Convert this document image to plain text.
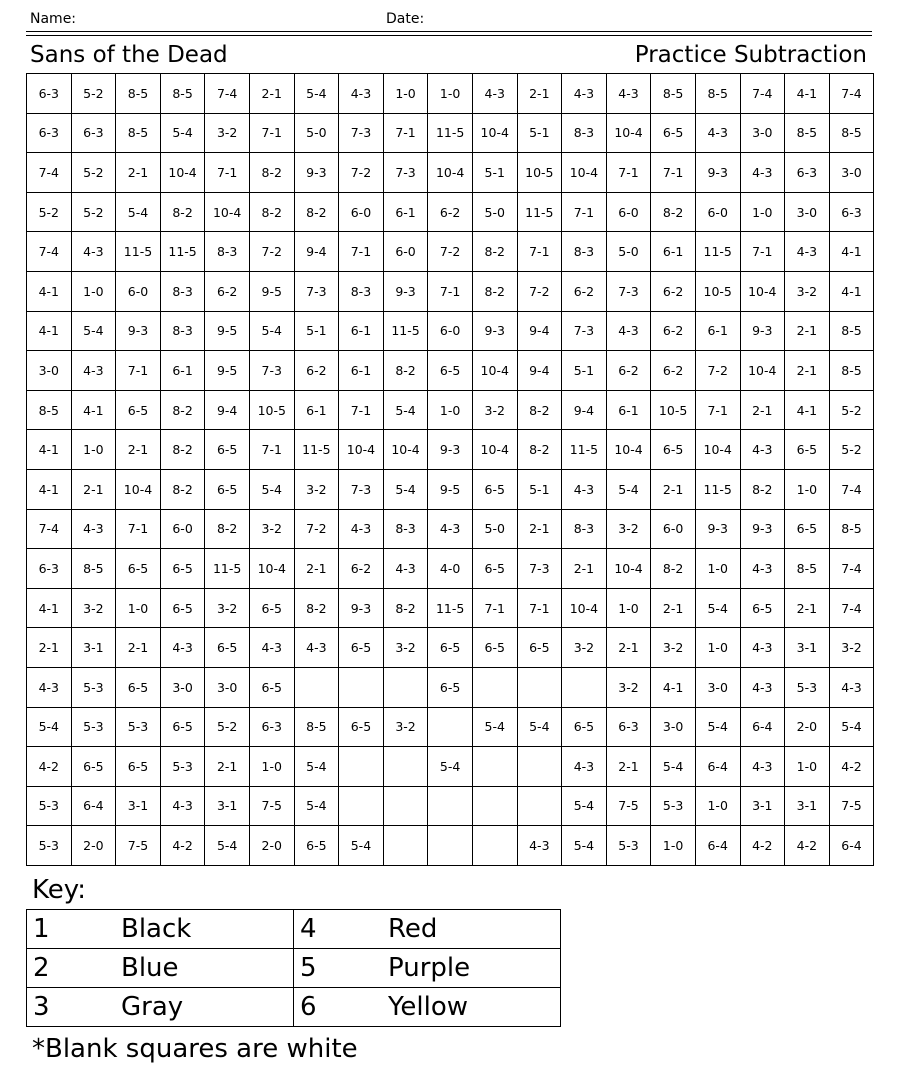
Name:	Date:
Sans of the Dead	Practice Subtraction
6-3	5-2	8-5	8-5	7-4	2-1	5-4	4-3	1-0	1-0	4-3	2-1	4-3	4-3	8-5	8-5	7-4	4-1	7-4
6-3	6-3	8-5	5-4	3-2	7-1	5-0	7-3	7-1	11-5	10-4	5-1	8-3	10-4	6-5	4-3	3-0	8-5	8-5
7-4	5-2	2-1	10-4	7-1	8-2	9-3	7-2	7-3	10-4	5-1	10-5	10-4	7-1	7-1	9-3	4-3	6-3	3-0
5-2	5-2	5-4	8-2	10-4	8-2	8-2	6-0	6-1	6-2	5-0	11-5	7-1	6-0	8-2	6-0	1-0	3-0	6-3
7-4	4-3	11-5	11-5	8-3	7-2	9-4	7-1	6-0	7-2	8-2	7-1	8-3	5-0	6-1	11-5	7-1	4-3	4-1
4-1	1-0	6-0	8-3	6-2	9-5	7-3	8-3	9-3	7-1	8-2	7-2	6-2	7-3	6-2	10-5	10-4	3-2	4-1
4-1	5-4	9-3	8-3	9-5	5-4	5-1	6-1	11-5	6-0	9-3	9-4	7-3	4-3	6-2	6-1	9-3	2-1	8-5
3-0	4-3	7-1	6-1	9-5	7-3	6-2	6-1	8-2	6-5	10-4	9-4	5-1	6-2	6-2	7-2	10-4	2-1	8-5
8-5	4-1	6-5	8-2	9-4	10-5	6-1	7-1	5-4	1-0	3-2	8-2	9-4	6-1	10-5	7-1	2-1	4-1	5-2
4-1	1-0	2-1	8-2	6-5	7-1	11-5	10-4	10-4	9-3	10-4	8-2	11-5	10-4	6-5	10-4	4-3	6-5	5-2
4-1	2-1	10-4	8-2	6-5	5-4	3-2	7-3	5-4	9-5	6-5	5-1	4-3	5-4	2-1	11-5	8-2	1-0	7-4
7-4	4-3	7-1	6-0	8-2	3-2	7-2	4-3	8-3	4-3	5-0	2-1	8-3	3-2	6-0	9-3	9-3	6-5	8-5
6-3	8-5	6-5	6-5	11-5	10-4	2-1	6-2	4-3	4-0	6-5	7-3	2-1	10-4	8-2	1-0	4-3	8-5	7-4
4-1	3-2	1-0	6-5	3-2	6-5	8-2	9-3	8-2	11-5	7-1	7-1	10-4	1-0	2-1	5-4	6-5	2-1	7-4
2-1	3-1	2-1	4-3	6-5	4-3	4-3	6-5	3-2	6-5	6-5	6-5	3-2	2-1	3-2	1-0	4-3	3-1	3-2
4-3	5-3	6-5	3-0	3-0	6-5				6-5				3-2	4-1	3-0	4-3	5-3	4-3
5-4	5-3	5-3	6-5	5-2	6-3	8-5	6-5	3-2		5-4	5-4	6-5	6-3	3-0	5-4	6-4	2-0	5-4
4-2	6-5	6-5	5-3	2-1	1-0	5-4			5-4			4-3	2-1	5-4	6-4	4-3	1-0	4-2
5-3	6-4	3-1	4-3	3-1	7-5	5-4						5-4	7-5	5-3	1-0	3-1	3-1	7-5
5-3	2-0	7-5	4-2	5-4	2-0	6-5	5-4				4-3	5-4	5-3	1-0	6-4	4-2	4-2	6-4
Key:
1 Black	4 Red
2 Blue	5 Purple
3 Gray	6 Yellow
*Blank squares are white
